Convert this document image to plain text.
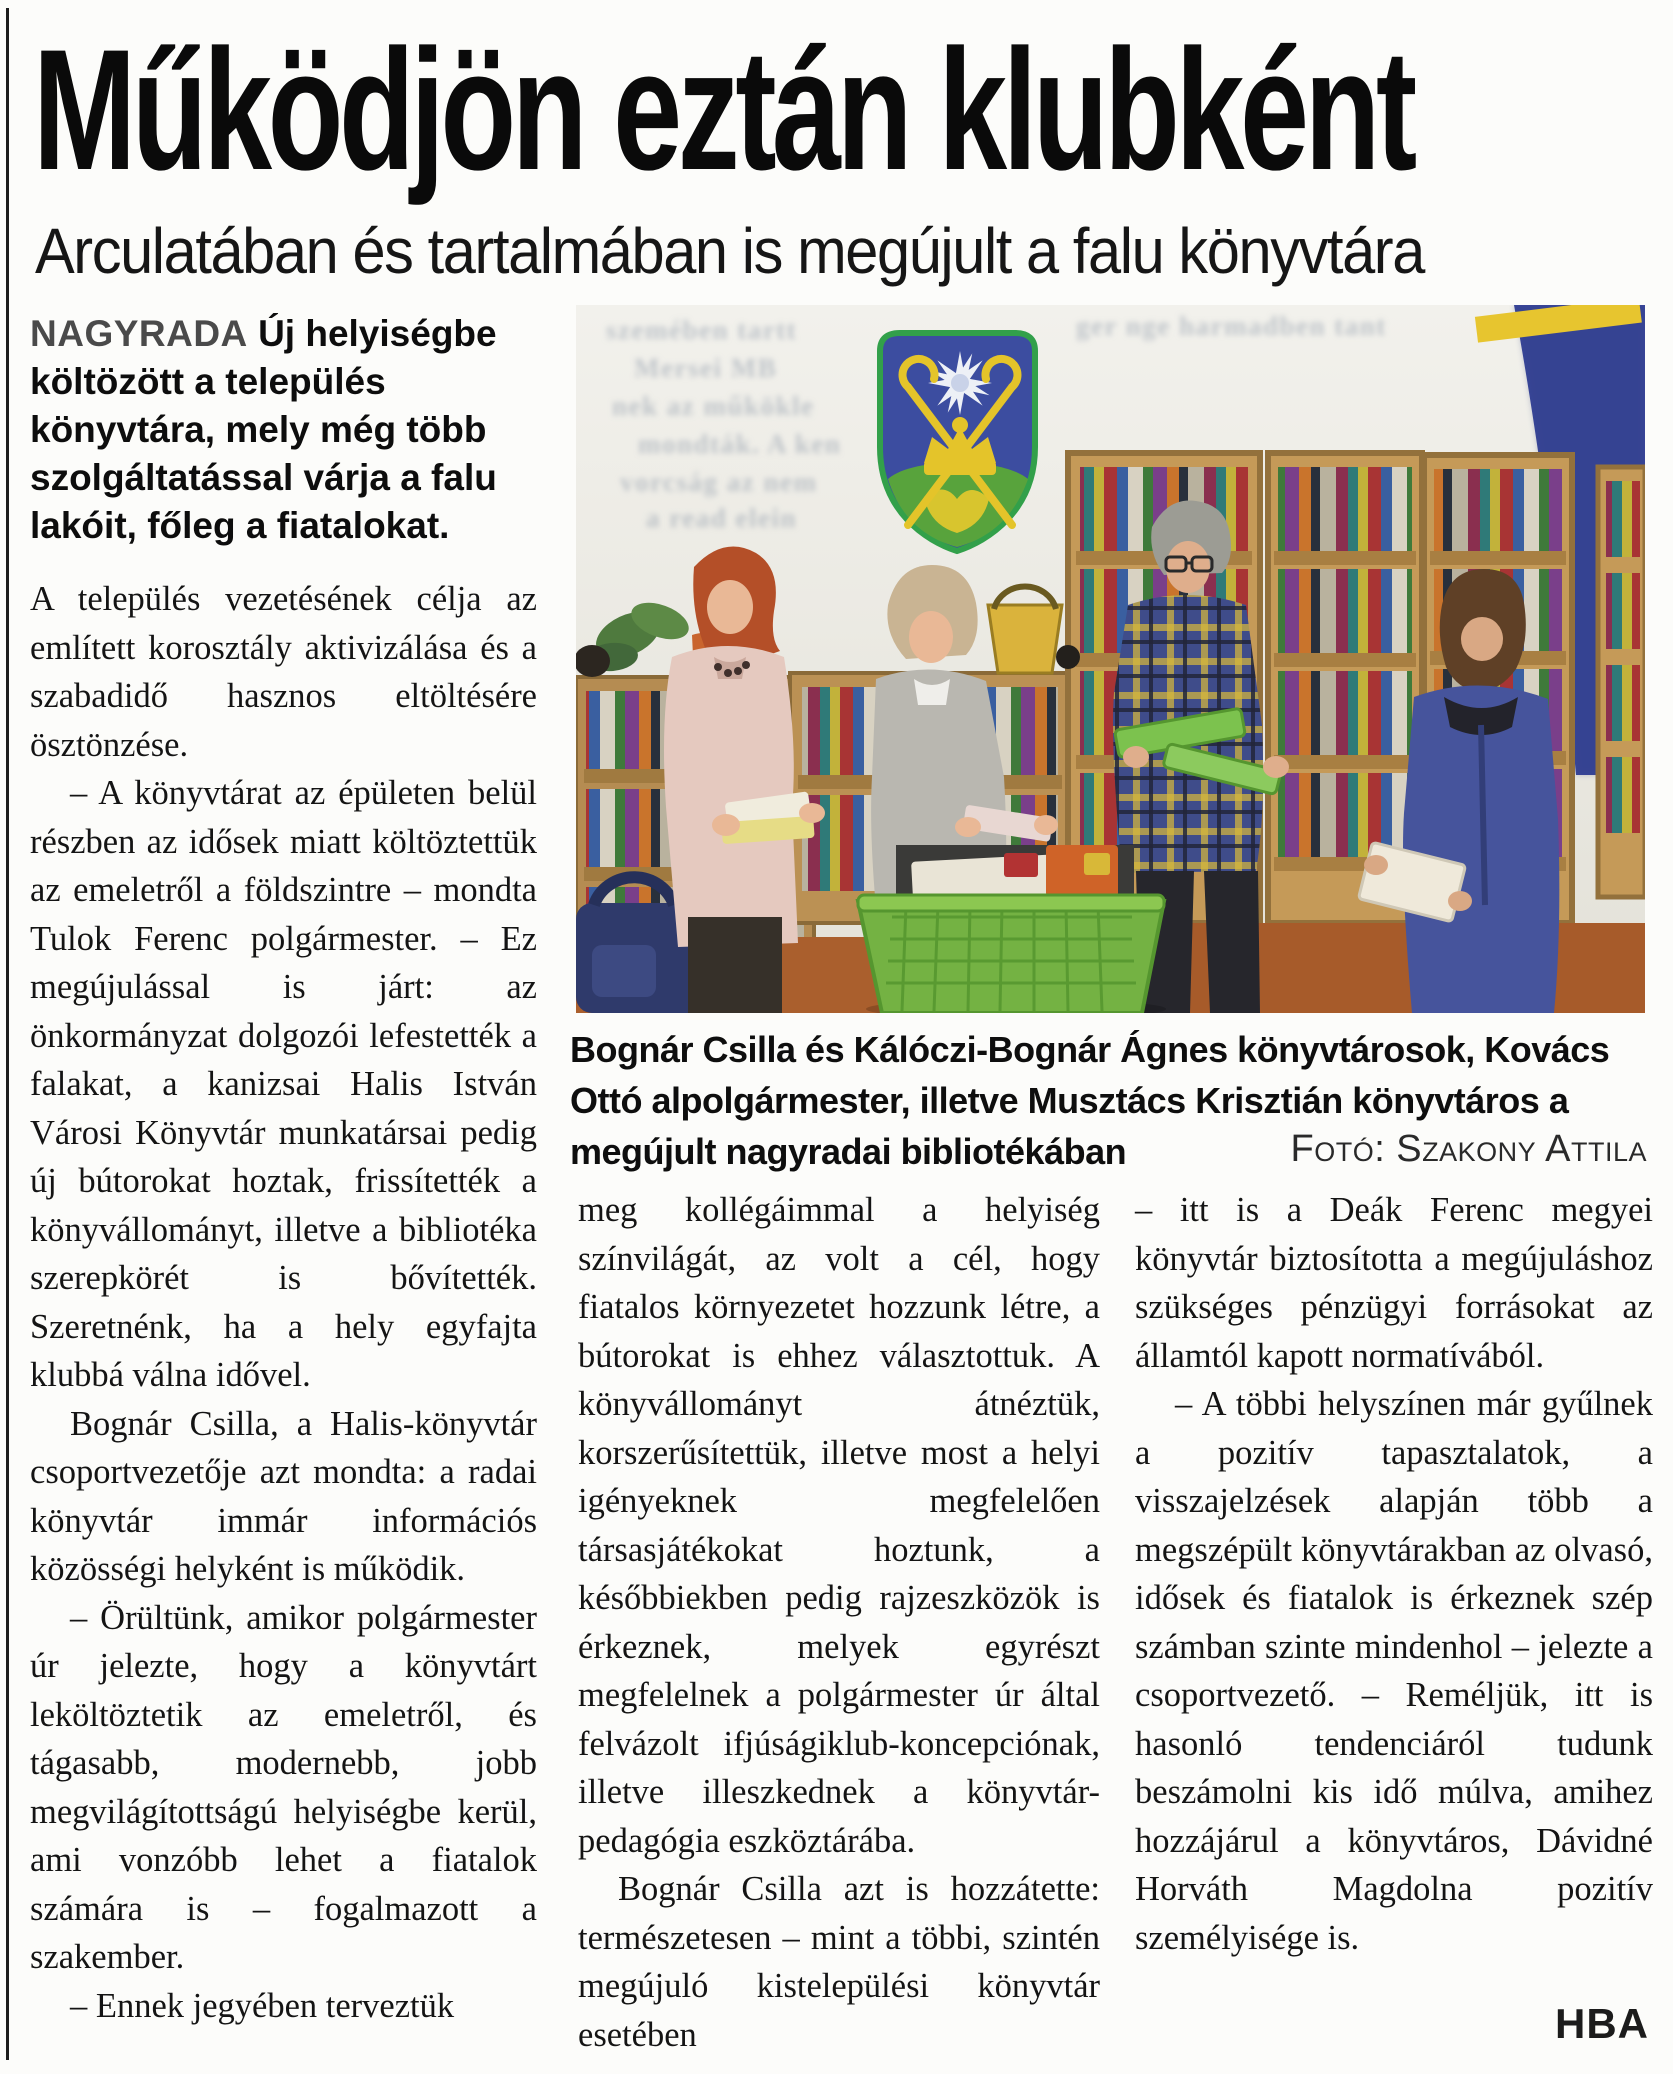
Működjön eztán klubként
Arculatában és tartalmában is megújult a falu könyvtára
NAGYRADA Új helyiségbe költözött a település könyvtára, mely még több szolgáltatással várja a falu lakóit, főleg a fiatalokat.

A település vezetésének célja az említett korosztály aktivizálása és a szabadidő hasznos eltöltésére ösztönzése.

– A könyvtárat az épületen belül részben az idősek miatt költöztettük az emeletről a földszintre – mondta Tulok Ferenc polgármester. – Ez megújulással is járt: az önkormányzat dolgozói lefestették a falakat, a kanizsai Halis István Városi Könyvtár munkatársai pedig új bútorokat hoztak, frissítették a könyvállományt, illetve a bibliotéka szerepkörét is bővítették. Szeretnénk, ha a hely egyfajta klubbá válna idővel.

Bognár Csilla, a Halis-könyvtár csoportvezetője azt mondta: a radai könyvtár immár információs közösségi helyként is működik.

– Örültünk, amikor polgármester úr jelezte, hogy a könyvtárt leköltöztetik az emeletről, és tágasabb, modernebb, jobb megvilágítottságú helyiségbe kerül, ami vonzóbb lehet a fiatalok számára is – fogalmazott a szakember.

– Ennek jegyében terveztük

ger nge harmadben tant
szemében tartt
Mersei MB
nek az műkökle
mondták. A ken
vorcság az nem
a read elein
Bognár Csilla és Kálóczi-Bognár Ágnes könyvtárosok, Kovács Ottó alpolgármester, illetve Musztács Krisztián könyvtáros a megújult nagyradai bibliotékában	Fotó: Szakony Attila

meg kollégáimmal a helyiség színvilágát, az volt a cél, hogy fiatalos környezetet hozzunk létre, a bútorokat is ehhez választottuk. A könyvállományt átnéztük, korszerűsítettük, illetve most a helyi igényeknek megfelelően társasjátékokat hoztunk, a későbbiekben pedig rajzeszközök is érkeznek, melyek egyrészt megfelelnek a polgármester úr által felvázolt ifjúságiklub-koncepciónak, illetve illeszkednek a könyvtár-pedagógia eszköztárába.

Bognár Csilla azt is hozzátette: természetesen – mint a többi, szintén megújuló kistelepülési könyvtár esetében

– itt is a Deák Ferenc megyei könyvtár biztosította a megújuláshoz szükséges pénzügyi forrásokat az államtól kapott normatívából.

– A többi helyszínen már gyűlnek a pozitív tapasztalatok, a visszajelzések alapján több a megszépült könyvtárakban az olvasó, idősek és fiatalok is érkeznek szép számban szinte mindenhol – jelezte a csoportvezető. – Reméljük, itt is hasonló tendenciáról tudunk beszámolni kis idő múlva, amihez hozzájárul a könyvtáros, Dávidné Horváth Magdolna pozitív személyisége is.

HBA
